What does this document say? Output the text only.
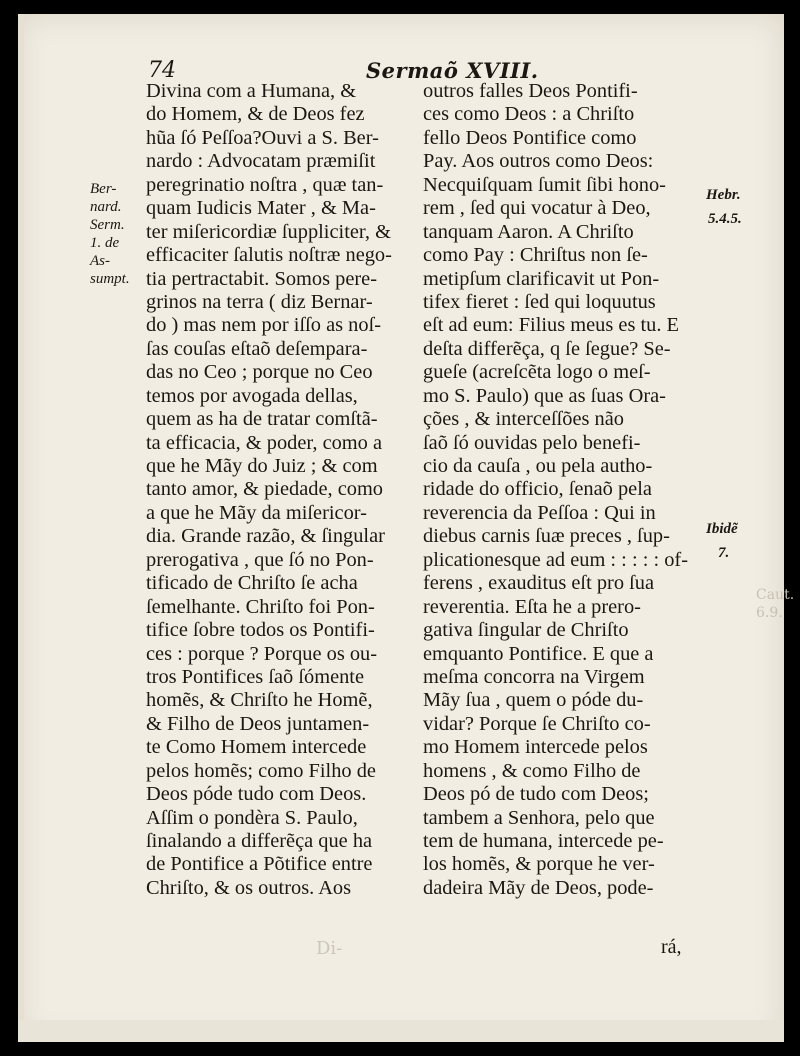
Caut.
6.9.
Di-
74	Sermaõ XVIII.
Ber-
nard.
Serm.
1. de
As-
sumpt.
Hebr.
5.4.5.
Ibidẽ
7.
Divina com a Humana, &
do Homem, & de Deos fez
hũa ſó Peſſoa?Ouvi a S. Ber-
nardo : Advocatam præmiſit
peregrinatio noſtra , quæ tan-
quam Iudicis Mater , & Ma-
ter miſericordiæ ſuppliciter, &
efficaciter ſalutis noſtræ nego-
tia pertractabit. Somos pere-
grinos na terra ( diz Bernar-
do ) mas nem por iſſo as noſ-
ſas couſas eſtaõ deſempara-
das no Ceo ; porque no Ceo
temos por avogada dellas,
quem as ha de tratar comſtã-
ta efficacia, & poder, como a
que he Mãy do Juiz ; & com
tanto amor, & piedade, como
a que he Mãy da miſericor-
dia. Grande razão, & ſingular
prerogativa , que ſó no Pon-
tificado de Chriſto ſe acha
ſemelhante. Chriſto foi Pon-
tifice ſobre todos os Pontifi-
ces : porque ? Porque os ou-
tros Pontifices ſaõ ſómente
homẽs, & Chriſto he Homẽ,
& Filho de Deos juntamen-
te Como Homem intercede
pelos homẽs; como Filho de
Deos póde tudo com Deos.
Aſſim o pondèra S. Paulo,
ſinalando a differẽça que ha
de Pontifice a Põtifice entre
Chriſto, & os outros. Aos
outros falles Deos Pontifi-
ces como Deos : a Chriſto
fello Deos Pontifice como
Pay. Aos outros como Deos:
Necquiſquam ſumit ſibi hono-
rem , ſed qui vocatur à Deo,
tanquam Aaron. A Chriſto
como Pay : Chriſtus non ſe-
metipſum clarificavit ut Pon-
tifex fieret : ſed qui loquutus
eſt ad eum: Filius meus es tu. E
deſta differẽça, q ſe ſegue? Se-
gueſe (acreſcẽta logo o meſ-
mo S. Paulo) que as ſuas Ora-
ções , & interceſſões não
ſaõ ſó ouvidas pelo benefi-
cio da cauſa , ou pela autho-
ridade do officio, ſenaõ pela
reverencia da Peſſoa : Qui in
diebus carnis ſuæ preces , ſup-
plicationesque ad eum : : : : : of-
ferens , exauditus eſt pro ſua
reverentia. Eſta he a prero-
gativa ſingular de Chriſto
emquanto Pontifice. E que a
meſma concorra na Virgem
Mãy ſua , quem o póde du-
vidar? Porque ſe Chriſto co-
mo Homem intercede pelos
homens , & como Filho de
Deos pó de tudo com Deos;
tambem a Senhora, pelo que
tem de humana, intercede pe-
los homẽs, & porque he ver-
dadeira Mãy de Deos, pode-
rá,
